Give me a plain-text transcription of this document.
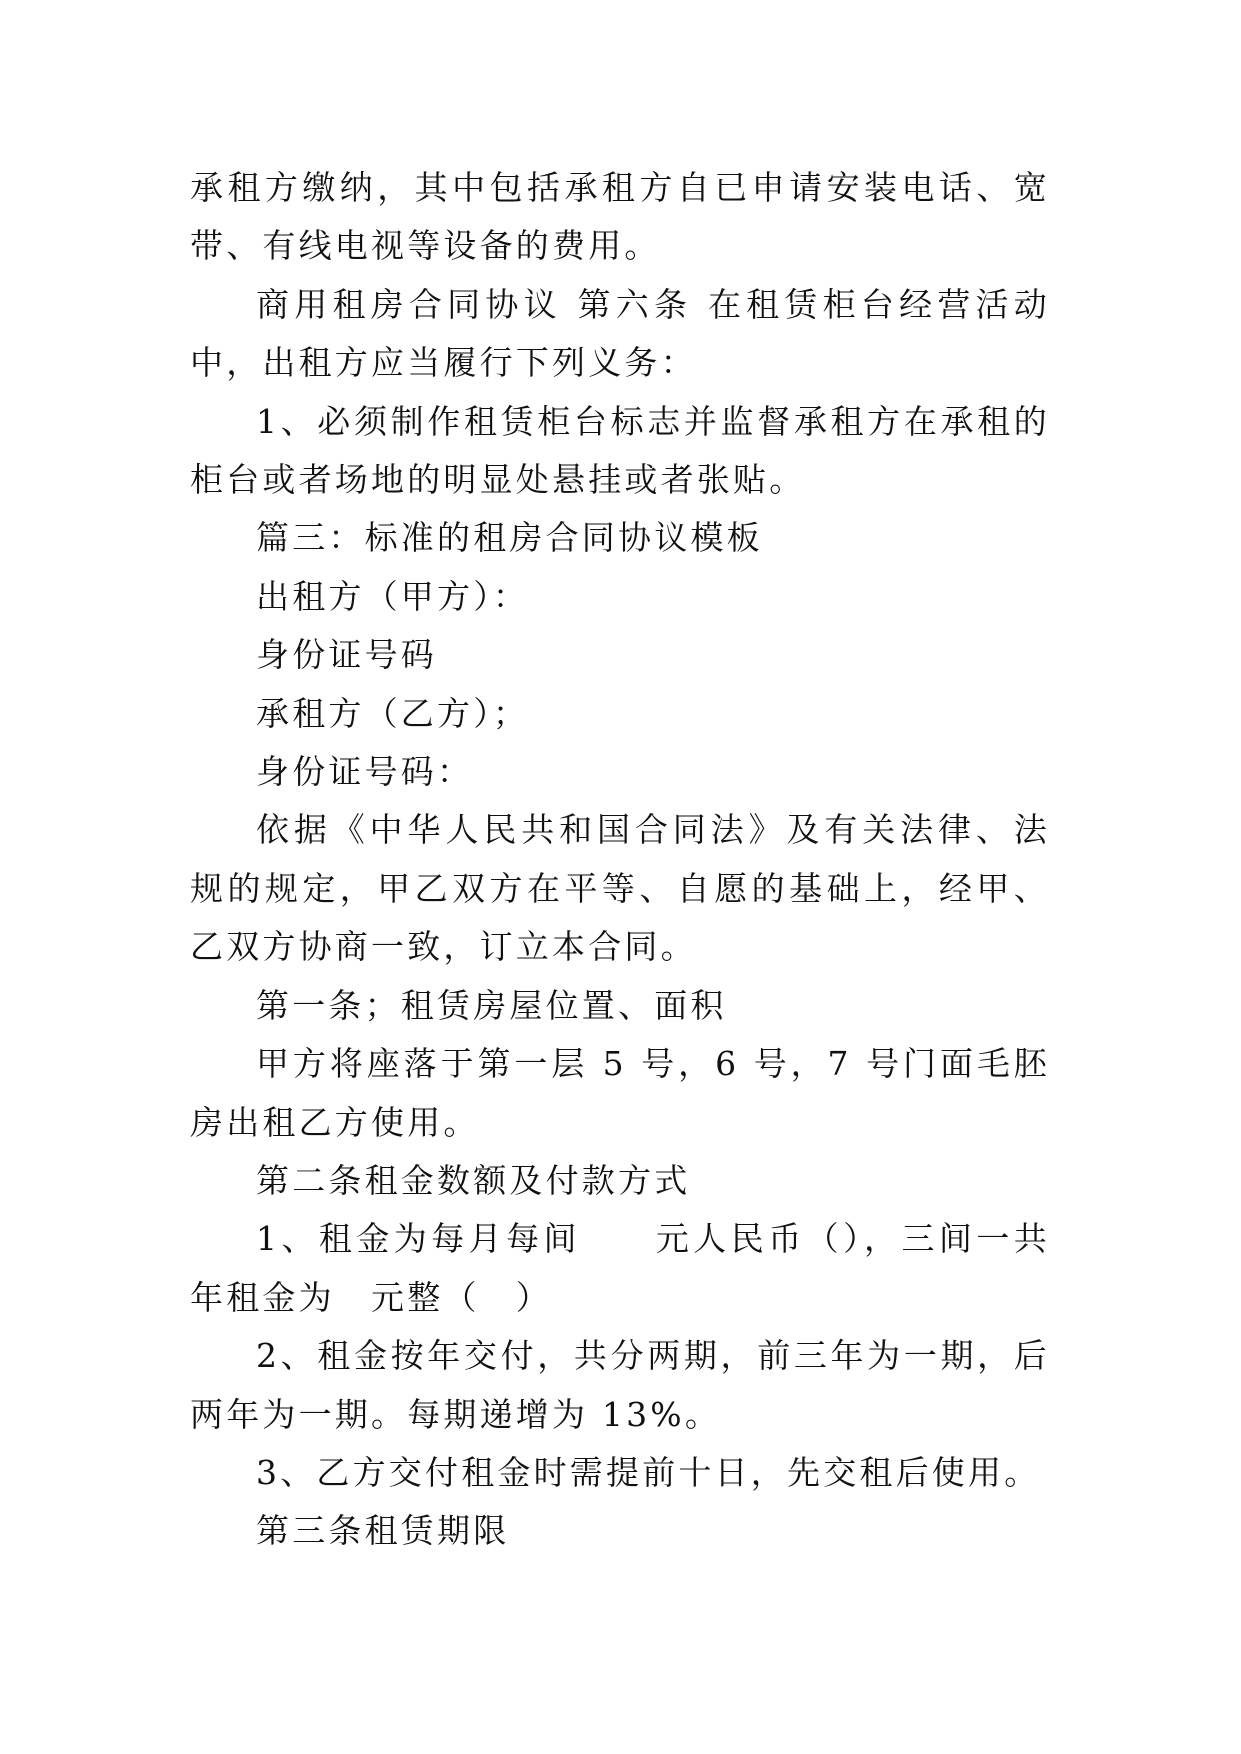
承租方缴纳，其中包括承租方自已申请安装电话、宽带、有线电视等设备的费用。

商用租房合同协议 第六条 在租赁柜台经营活动中，出租方应当履行下列义务：

1、必须制作租赁柜台标志并监督承租方在承租的柜台或者场地的明显处悬挂或者张贴。

篇三：标准的租房合同协议模板

出租方（甲方）：

身份证号码

承租方（乙方）；

身份证号码：

依据《中华人民共和国合同法》及有关法律、法规的规定，甲乙双方在平等、自愿的基础上，经甲、乙双方协商一致，订立本合同。

第一条；租赁房屋位置、面积

甲方将座落于第一层 5 号，6 号，7 号门面毛胚房出租乙方使用。

第二条租金数额及付款方式

1、租金为每月每间　　元人民币（），三间一共年租金为　元整（　）

2、租金按年交付，共分两期，前三年为一期，后两年为一期。每期递增为 13%。

3、乙方交付租金时需提前十日，先交租后使用。

第三条租赁期限
